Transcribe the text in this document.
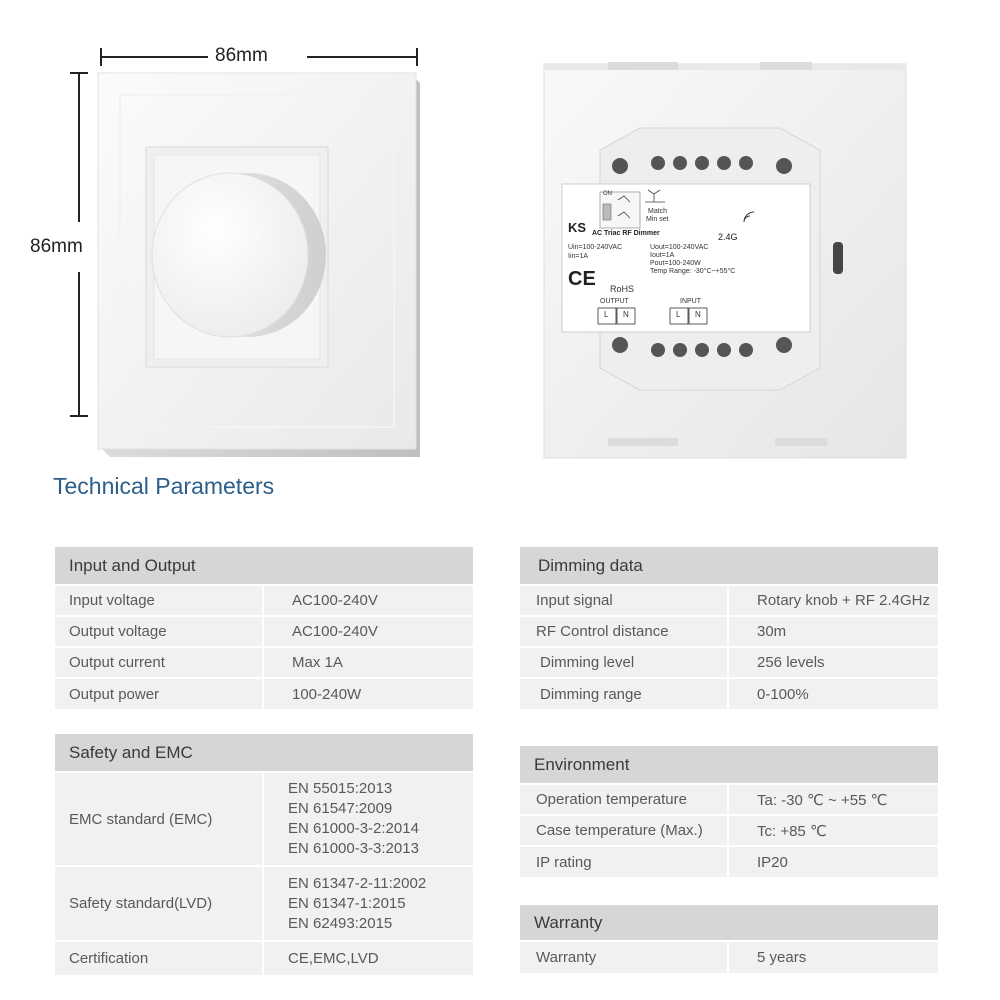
86mm
86mm
ON
Match
Min set
KS AC Triac RF Dimmer	2.4G
Uin=100-240VAC
Iin=1A
Uout=100-240VAC
Iout=1A
Pout=100-240W
Temp Range: -30°C~+55°C
CE RoHS
OUTPUT	INPUT
L N	L N
Technical Parameters
Input and Output	
Input voltage	AC100-240V
Output voltage	AC100-240V
Output current	Max 1A
Output power	100-240W
Safety and EMC	
EMC standard (EMC)	EN 55015:2013
EN 61547:2009
EN 61000-3-2:2014
EN 61000-3-3:2013

Safety standard(LVD)	EN 61347-2-11:2002
EN 61347-1:2015
EN 62493:2015

Certification	CE,EMC,LVD
Dimming data	
Input signal	Rotary knob + RF 2.4GHz
RF Control distance	30m
Dimming level	256 levels
Dimming range	0-100%
Environment	
Operation temperature	Ta: -30 ℃ ~ +55 ℃
Case temperature (Max.)	Tc: +85 ℃
IP rating	IP20
Warranty
Warranty	5 years
